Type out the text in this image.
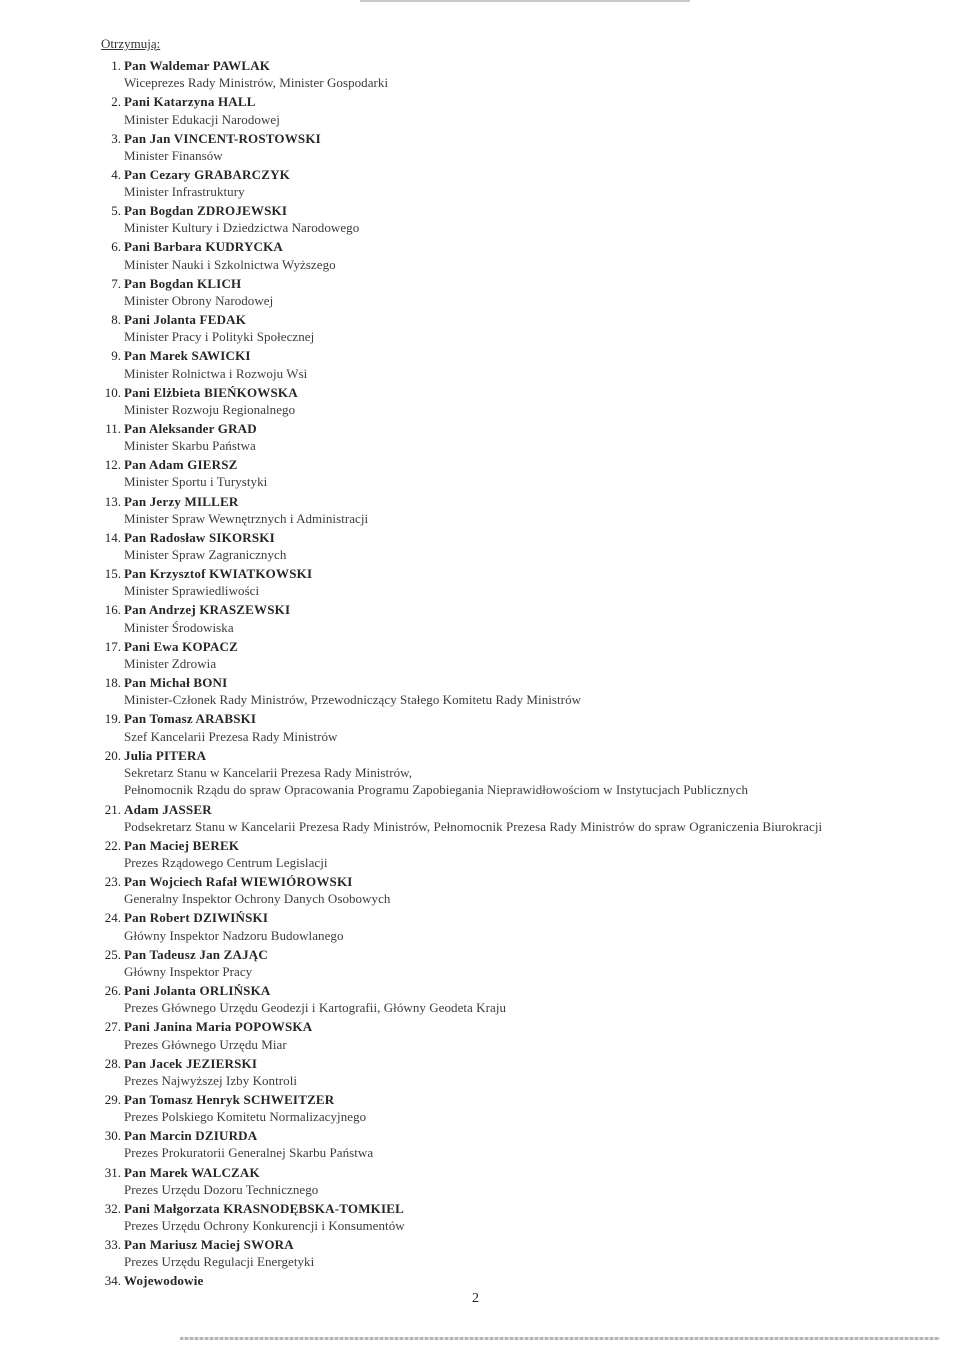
Otrzymują:
1. Pan Waldemar PAWLAK
Wiceprezes Rady Ministrów, Minister Gospodarki
2. Pani Katarzyna HALL
Minister Edukacji Narodowej
3. Pan Jan VINCENT-ROSTOWSKI
Minister Finansów
4. Pan Cezary GRABARCZYK
Minister Infrastruktury
5. Pan Bogdan ZDROJEWSKI
Minister Kultury i Dziedzictwa Narodowego
6. Pani Barbara KUDRYCKA
Minister Nauki i Szkolnictwa Wyższego
7. Pan Bogdan KLICH
Minister Obrony Narodowej
8. Pani Jolanta FEDAK
Minister Pracy i Polityki Społecznej
9. Pan Marek SAWICKI
Minister Rolnictwa i Rozwoju Wsi
10. Pani Elżbieta BIEŃKOWSKA
Minister Rozwoju Regionalnego
11. Pan Aleksander GRAD
Minister Skarbu Państwa
12. Pan Adam GIERSZ
Minister Sportu i Turystyki
13. Pan Jerzy MILLER
Minister Spraw Wewnętrznych i Administracji
14. Pan Radosław SIKORSKI
Minister Spraw Zagranicznych
15. Pan Krzysztof KWIATKOWSKI
Minister Sprawiedliwości
16. Pan Andrzej KRASZEWSKI
Minister Środowiska
17. Pani Ewa KOPACZ
Minister Zdrowia
18. Pan Michał BONI
Minister-Członek Rady Ministrów, Przewodniczący Stałego Komitetu Rady Ministrów
19. Pan Tomasz ARABSKI
Szef Kancelarii Prezesa Rady Ministrów
20. Julia PITERA
Sekretarz Stanu w Kancelarii Prezesa Rady Ministrów,
Pełnomocnik Rządu do spraw Opracowania Programu Zapobiegania Nieprawidłowościom w Instytucjach Publicznych
21. Adam JASSER
Podsekretarz Stanu w Kancelarii Prezesa Rady Ministrów, Pełnomocnik Prezesa Rady Ministrów do spraw Ograniczenia Biurokracji
22. Pan Maciej BEREK
Prezes Rządowego Centrum Legislacji
23. Pan Wojciech Rafał WIEWIÓROWSKI
Generalny Inspektor Ochrony Danych Osobowych
24. Pan Robert DZIWIŃSKI
Główny Inspektor Nadzoru Budowlanego
25. Pan Tadeusz Jan ZAJĄC
Główny Inspektor Pracy
26. Pani Jolanta ORLIŃSKA
Prezes Głównego Urzędu Geodezji i Kartografii, Główny Geodeta Kraju
27. Pani Janina Maria POPOWSKA
Prezes Głównego Urzędu Miar
28. Pan Jacek JEZIERSKI
Prezes Najwyższej Izby Kontroli
29. Pan Tomasz Henryk SCHWEITZER
Prezes Polskiego Komitetu Normalizacyjnego
30. Pan Marcin DZIURDA
Prezes Prokuratorii Generalnej Skarbu Państwa
31. Pan Marek WALCZAK
Prezes Urzędu Dozoru Technicznego
32. Pani Małgorzata KRASNODĘBSKA-TOMKIEL
Prezes Urzędu Ochrony Konkurencji i Konsumentów
33. Pan Mariusz Maciej SWORA
Prezes Urzędu Regulacji Energetyki
34. Wojewodowie
2
